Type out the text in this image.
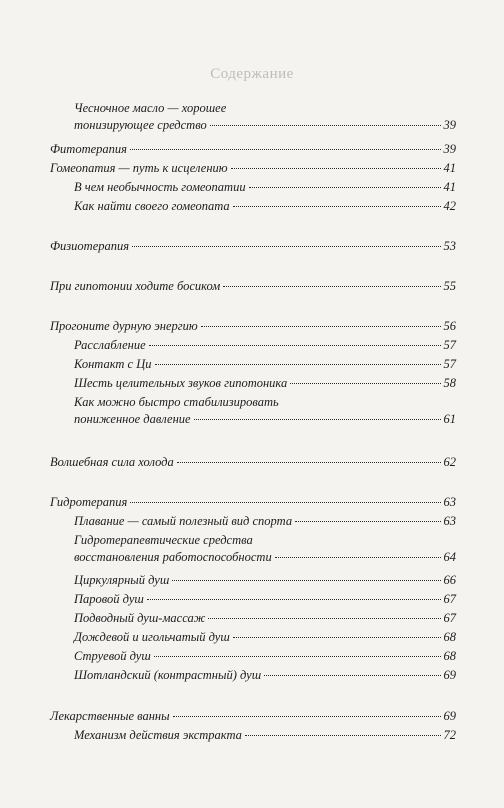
Содержание
Чесночное масло — хорошее
тонизирующее средство	39
Фитотерапия	39
Гомеопатия — путь к исцелению	41
В чем необычность гомеопатии	41
Как найти своего гомеопата	42
Физиотерапия	53
При гипотонии ходите босиком	55
Прогоните дурную энергию	56
Расслабление	57
Контакт с Ци	57
Шесть целительных звуков гипотоника	58
Как можно быстро стабилизировать
пониженное давление	61
Волшебная сила холода	62
Гидротерапия	63
Плавание — самый полезный вид спорта	63
Гидротерапевтические средства
восстановления работоспособности	64
Циркулярный душ	66
Паровой душ	67
Подводный душ-массаж	67
Дождевой и игольчатый душ	68
Струевой душ	68
Шотландский (контрастный) душ	69
Лекарственные ванны	69
Механизм действия экстракта	72
